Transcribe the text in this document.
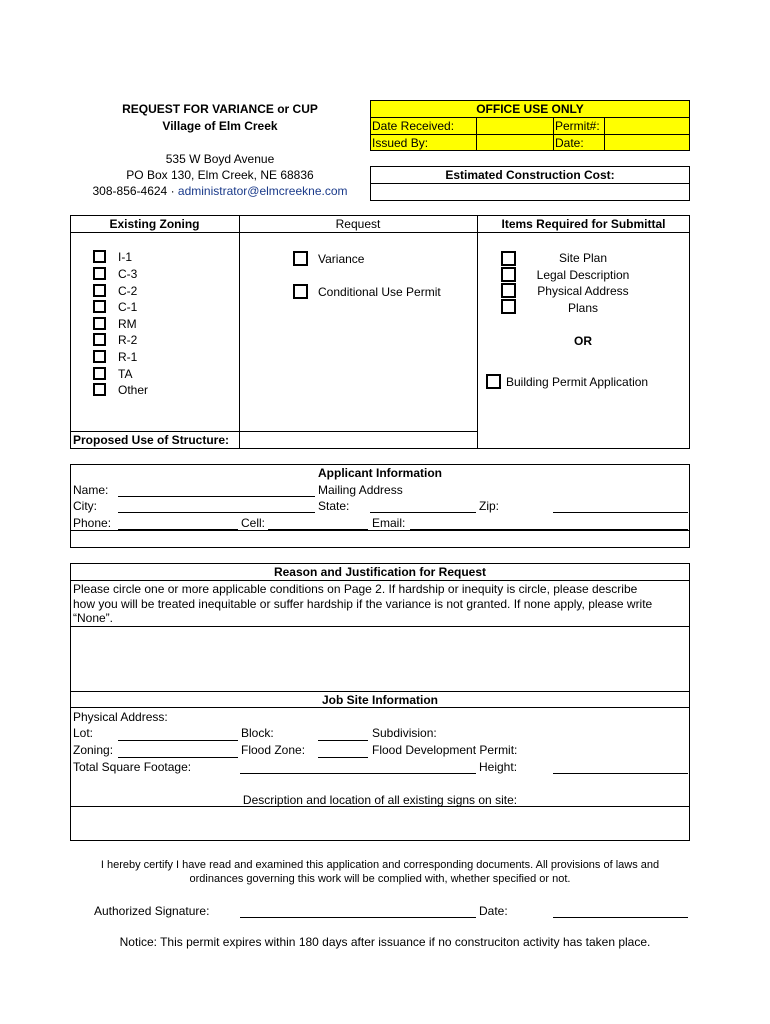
REQUEST FOR VARIANCE or CUP
Village of Elm Creek
535 W Boyd Avenue
PO Box 130, Elm Creek, NE 68836
308-856-4624 · administrator@elmcreekne.com
OFFICE USE ONLY
Date Received:	Permit#:
Issued By:	Date:
Estimated Construction Cost:
Existing Zoning	Request	Items Required for Submittal
I-1
C-3
C-2
C-1
RM
R-2
R-1
TA
Other
Variance
Conditional Use Permit
Site Plan
Legal Description
Physical Address
Plans
OR
Building Permit Application
Proposed Use of Structure:
Applicant Information
Name:	Mailing Address
City:	State:	Zip:
Phone:	Cell:	Email:
Reason and Justification for Request
Please circle one or more applicable conditions on Page 2. If hardship or inequity is circle, please describe
how you will be treated inequitable or suffer hardship if the variance is not granted. If none apply, please write
“None”.
Job Site Information
Physical Address:
Lot:	Block:	Subdivision:
Zoning:	Flood Zone:	Flood Development Permit:
Total Square Footage:	Height:
Description and location of all existing signs on site:
I hereby certify I have read and examined this application and corresponding documents. All provisions of laws and
ordinances governing this work will be complied with, whether specified or not.
Authorized Signature:	Date:
Notice: This permit expires within 180 days after issuance if no construciton activity has taken place.
